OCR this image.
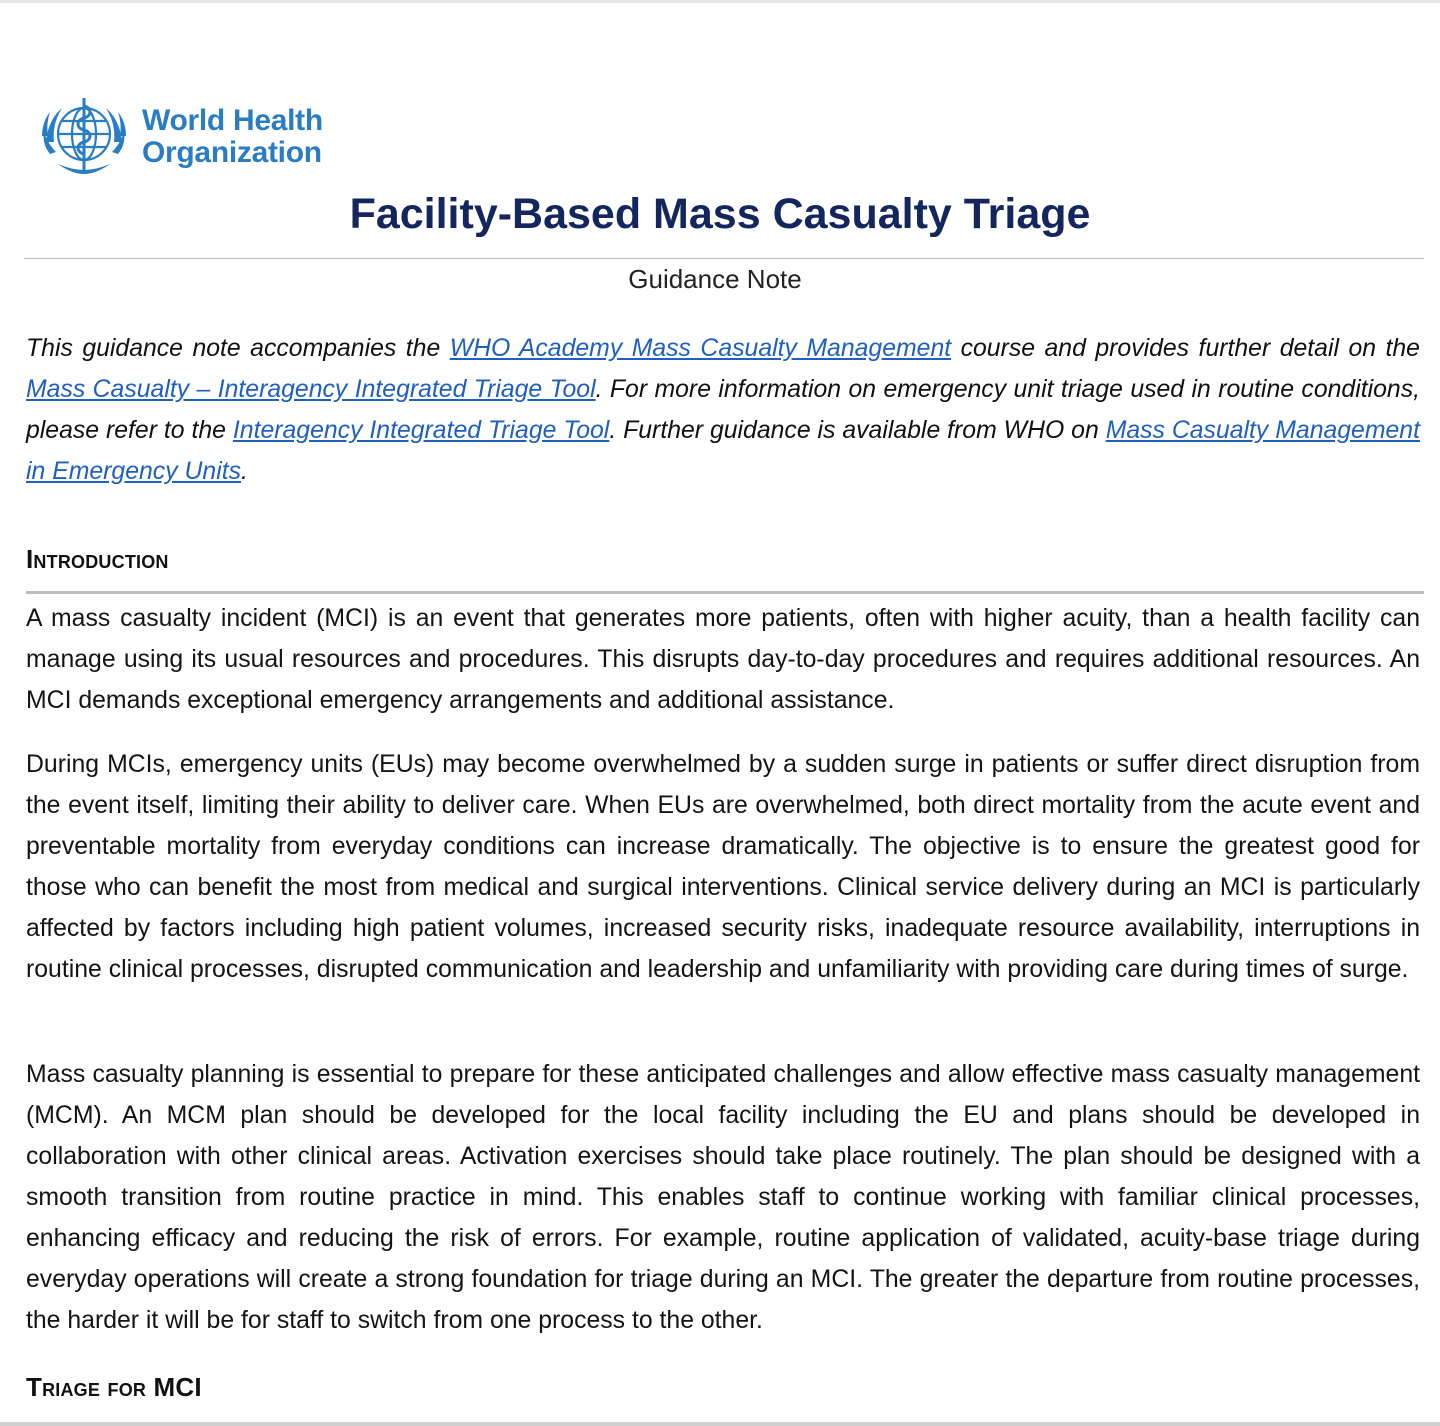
World Health
Organization
Facility-Based Mass Casualty Triage
Guidance Note

This guidance note accompanies the WHO Academy Mass Casualty Management course and provides further detail on the Mass Casualty – Interagency Integrated Triage Tool. For more information on emergency unit triage used in routine conditions, please refer to the Interagency Integrated Triage Tool. Further guidance is available from WHO on Mass Casualty Management in Emergency Units.

Introduction

A mass casualty incident (MCI) is an event that generates more patients, often with higher acuity, than a health facility can manage using its usual resources and procedures. This disrupts day-to-day procedures and requires additional resources. An MCI demands exceptional emergency arrangements and additional assistance.

During MCIs, emergency units (EUs) may become overwhelmed by a sudden surge in patients or suffer direct disruption from the event itself, limiting their ability to deliver care. When EUs are overwhelmed, both direct mortality from the acute event and preventable mortality from everyday conditions can increase dramatically. The objective is to ensure the greatest good for those who can benefit the most from medical and surgical interventions. Clinical service delivery during an MCI is particularly affected by factors including high patient volumes, increased security risks, inadequate resource availability, interruptions in routine clinical processes, disrupted communication and leadership and unfamiliarity with providing care during times of surge.

Mass casualty planning is essential to prepare for these anticipated challenges and allow effective mass casualty management (MCM). An MCM plan should be developed for the local facility including the EU and plans should be developed in collaboration with other clinical areas. Activation exercises should take place routinely. The plan should be designed with a smooth transition from routine practice in mind. This enables staff to continue working with familiar clinical processes, enhancing efficacy and reducing the risk of errors. For example, routine application of validated, acuity-base triage during everyday operations will create a strong foundation for triage during an MCI. The greater the departure from routine processes, the harder it will be for staff to switch from one process to the other.

Triage for MCI
